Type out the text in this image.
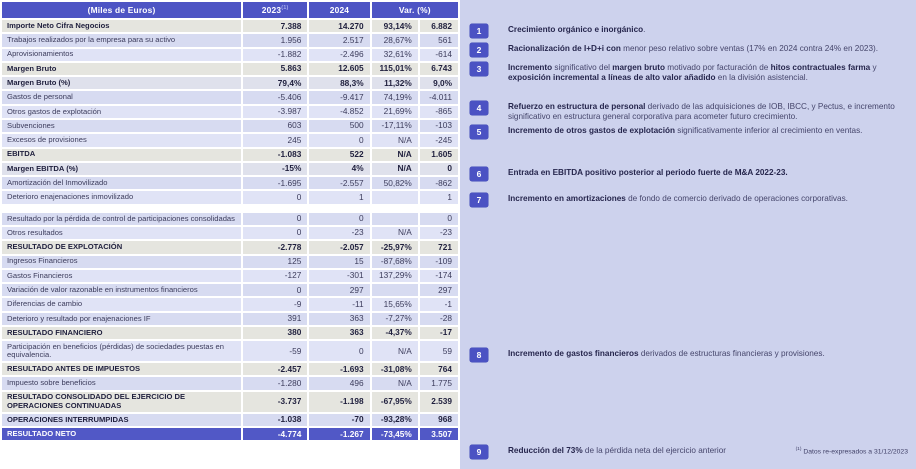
(Miles de Euros)	2023$^{(1)}$	2024	Var. (%)	
Importe Neto Cifra Negocios	7.388	14.270	93,14%	6.882
Trabajos realizados por la empresa para su activo	1.956	2.517	28,67%	561
Aprovisionamientos	-1.882	-2.496	32,61%	-614
Margen Bruto	5.863	12.605	115,01%	6.743
Margen Bruto (%)	79,4%	88,3%	11,32%	9,0%
Gastos de personal	-5.406	-9.417	74,19%	-4.011
Otros gastos de explotación	-3.987	-4.852	21,69%	-865
Subvenciones	603	500	-17,11%	-103
Excesos de provisiones	245	0	N/A	-245
EBITDA	-1.083	522	N/A	1.605
Margen EBITDA (%)	-15%	4%	N/A	0
Amortización del Inmovilizado	-1.695	-2.557	50,82%	-862
Deterioro enajenaciones inmovilizado	0	1		1

Resultado por la pérdida de control de participaciones consolidadas	0	0		0
Otros resultados	0	-23	N/A	-23
RESULTADO DE EXPLOTACIÓN	-2.778	-2.057	-25,97%	721
Ingresos Financieros	125	15	-87,68%	-109
Gastos Financieros	-127	-301	137,29%	-174
Variación de valor razonable en instrumentos financieros	0	297		297
Diferencias de cambio	-9	-11	15,65%	-1
Deterioro y resultado por enajenaciones IF	391	363	-7,27%	-28
RESULTADO FINANCIERO	380	363	-4,37%	-17
Participación en beneficios (pérdidas) de sociedades puestas en equivalencia.	-59	0	N/A	59
RESULTADO ANTES DE IMPUESTOS	-2.457	-1.693	-31,08%	764
Impuesto sobre beneficios	-1.280	496	N/A	1.775
RESULTADO CONSOLIDADO DEL EJERCICIO DE OPERACIONES CONTINUADAS	-3.737	-1.198	-67,95%	2.539
OPERACIONES INTERRUMPIDAS	-1.038	-70	-93,28%	968
RESULTADO NETO	-4.774	-1.267	-73,45%	3.507
$^{(1)}$ Datos re-expresados a 31/12/2023
1	Crecimiento orgánico e inorgánico.
2	Racionalización de I+D+i con menor peso relativo sobre ventas (17% en 2024 contra 24% en 2023).
3	Incremento significativo del margen bruto motivado por facturación de hitos contractuales farma y exposición incremental a líneas de alto valor añadido en la división asistencial.
4	Refuerzo en estructura de personal derivado de las adquisiciones de IOB, IBCC, y Pectus, e incremento significativo en estructura general corporativa para acometer futuro crecimiento.
5	Incremento de otros gastos de explotación significativamente inferior al crecimiento en ventas.
6	Entrada en EBITDA positivo posterior al periodo fuerte de M&A 2022-23.
7	Incremento en amortizaciones de fondo de comercio derivado de operaciones corporativas.
8	Incremento de gastos financieros derivados de estructuras financieras y provisiones.
9	Reducción del 73% de la pérdida neta del ejercicio anterior
